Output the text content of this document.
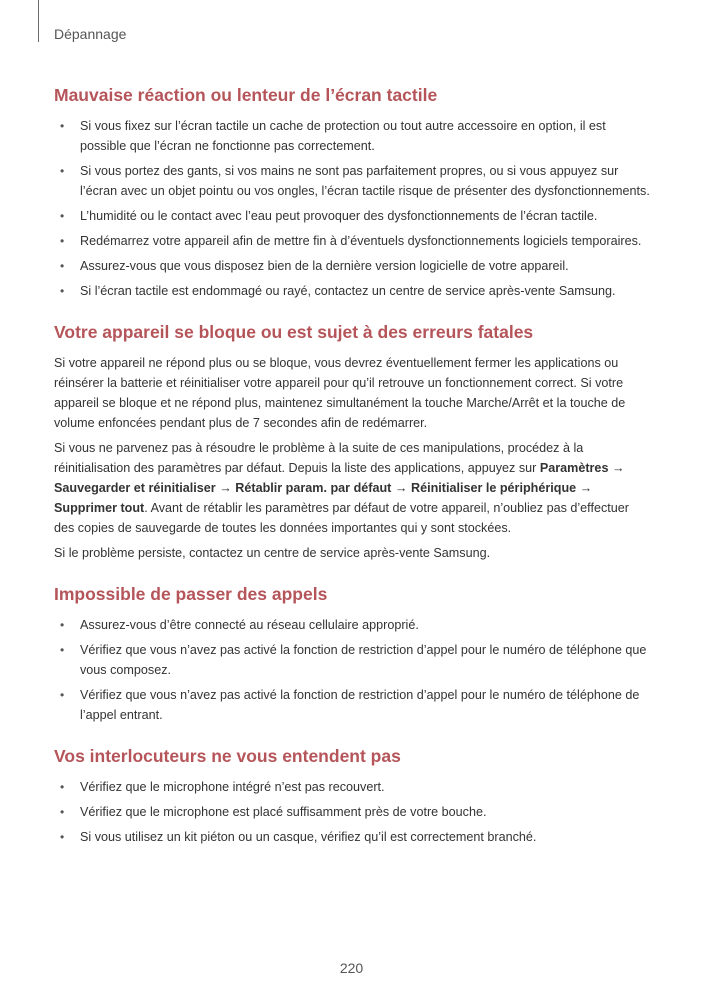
Dépannage
Mauvaise réaction ou lenteur de l’écran tactile
• Si vous fixez sur l’écran tactile un cache de protection ou tout autre accessoire en option, il est possible que l’écran ne fonctionne pas correctement.
• Si vous portez des gants, si vos mains ne sont pas parfaitement propres, ou si vous appuyez sur l’écran avec un objet pointu ou vos ongles, l’écran tactile risque de présenter des dysfonctionnements.
• L’humidité ou le contact avec l’eau peut provoquer des dysfonctionnements de l’écran tactile.
• Redémarrez votre appareil afin de mettre fin à d’éventuels dysfonctionnements logiciels temporaires.
• Assurez-vous que vous disposez bien de la dernière version logicielle de votre appareil.
• Si l’écran tactile est endommagé ou rayé, contactez un centre de service après-vente Samsung.
Votre appareil se bloque ou est sujet à des erreurs fatales

Si votre appareil ne répond plus ou se bloque, vous devrez éventuellement fermer les applications ou réinsérer la batterie et réinitialiser votre appareil pour qu’il retrouve un fonctionnement correct. Si votre appareil se bloque et ne répond plus, maintenez simultanément la touche Marche/Arrêt et la touche de volume enfoncées pendant plus de 7 secondes afin de redémarrer.

Si vous ne parvenez pas à résoudre le problème à la suite de ces manipulations, procédez à la réinitialisation des paramètres par défaut. Depuis la liste des applications, appuyez sur Paramètres → Sauvegarder et réinitialiser → Rétablir param. par défaut → Réinitialiser le périphérique → Supprimer tout. Avant de rétablir les paramètres par défaut de votre appareil, n’oubliez pas d’effectuer des copies de sauvegarde de toutes les données importantes qui y sont stockées.

Si le problème persiste, contactez un centre de service après-vente Samsung.

Impossible de passer des appels
• Assurez-vous d’être connecté au réseau cellulaire approprié.
• Vérifiez que vous n’avez pas activé la fonction de restriction d’appel pour le numéro de téléphone que vous composez.
• Vérifiez que vous n’avez pas activé la fonction de restriction d’appel pour le numéro de téléphone de l’appel entrant.
Vos interlocuteurs ne vous entendent pas
• Vérifiez que le microphone intégré n’est pas recouvert.
• Vérifiez que le microphone est placé suffisamment près de votre bouche.
• Si vous utilisez un kit piéton ou un casque, vérifiez qu’il est correctement branché.
220
